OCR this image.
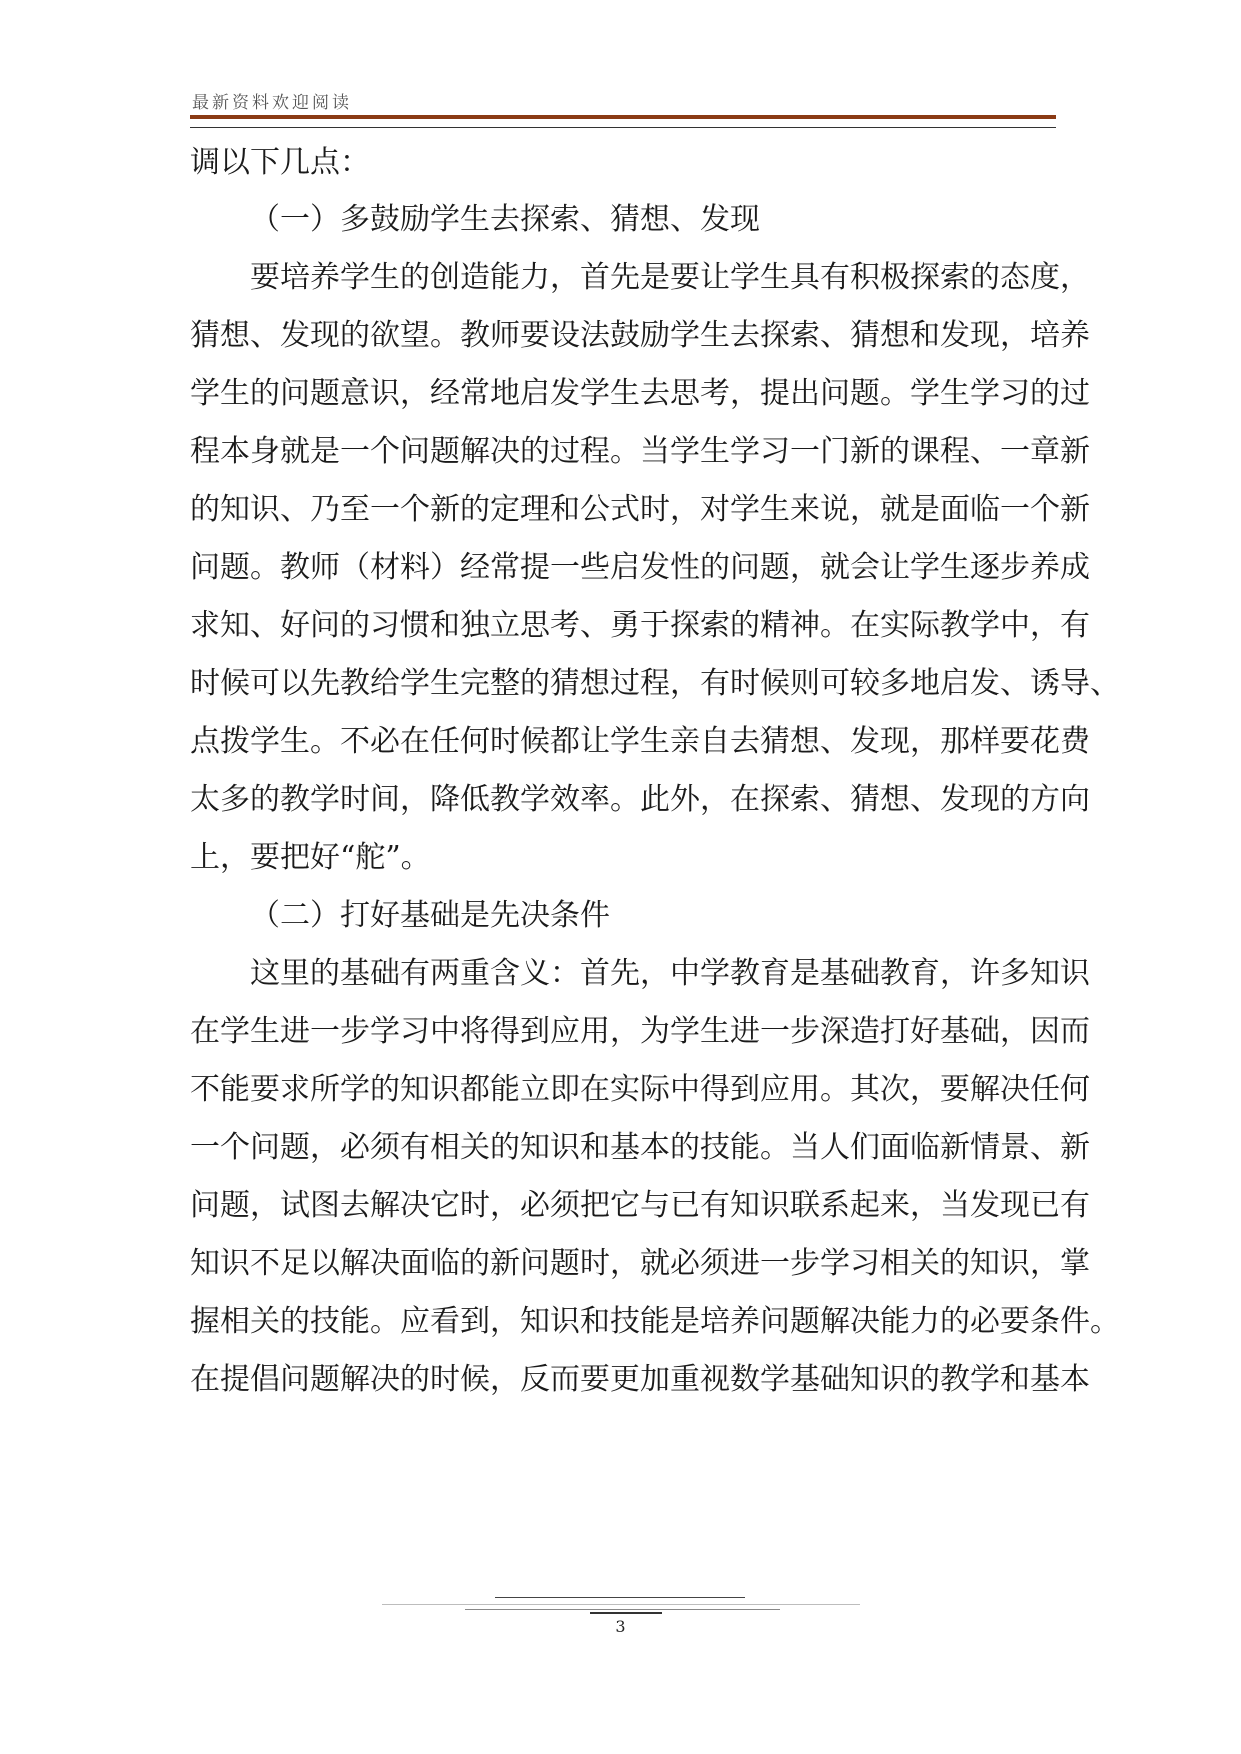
最新资料欢迎阅读
调以下几点：
（一）多鼓励学生去探索、猜想、发现
要培养学生的创造能力，首先是要让学生具有积极探索的态度，
猜想、发现的欲望。教师要设法鼓励学生去探索、猜想和发现，培养
学生的问题意识，经常地启发学生去思考，提出问题。学生学习的过
程本身就是一个问题解决的过程。当学生学习一门新的课程、一章新
的知识、乃至一个新的定理和公式时，对学生来说，就是面临一个新
问题。教师（材料）经常提一些启发性的问题，就会让学生逐步养成
求知、好问的习惯和独立思考、勇于探索的精神。在实际教学中，有
时候可以先教给学生完整的猜想过程，有时候则可较多地启发、诱导、
点拨学生。不必在任何时候都让学生亲自去猜想、发现，那样要花费
太多的教学时间，降低教学效率。此外，在探索、猜想、发现的方向
上，要把好“舵”。
（二）打好基础是先决条件
这里的基础有两重含义：首先，中学教育是基础教育，许多知识
在学生进一步学习中将得到应用，为学生进一步深造打好基础，因而
不能要求所学的知识都能立即在实际中得到应用。其次，要解决任何
一个问题，必须有相关的知识和基本的技能。当人们面临新情景、新
问题，试图去解决它时，必须把它与已有知识联系起来，当发现已有
知识不足以解决面临的新问题时，就必须进一步学习相关的知识，掌
握相关的技能。应看到，知识和技能是培养问题解决能力的必要条件。
在提倡问题解决的时候，反而要更加重视数学基础知识的教学和基本
3
